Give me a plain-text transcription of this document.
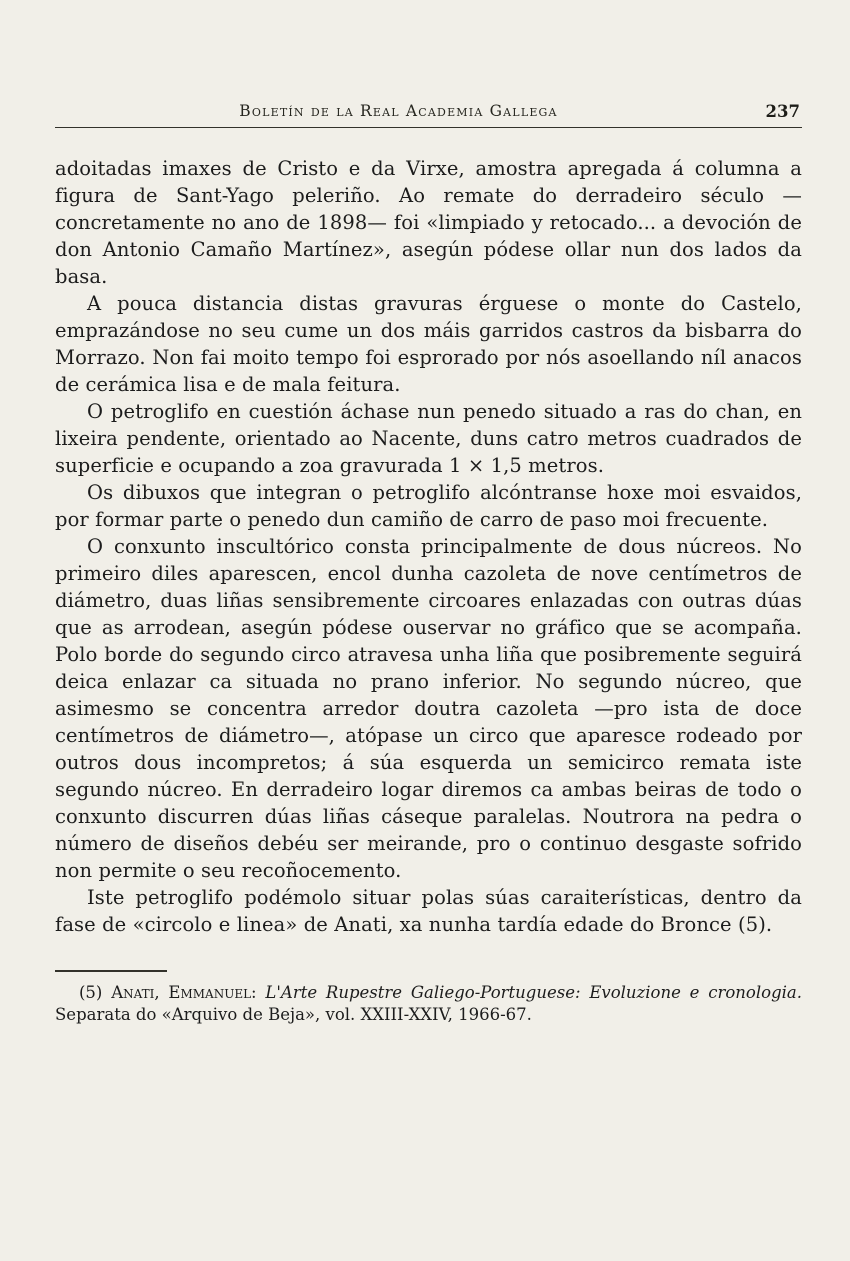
Boletín de la Real Academia Gallega	237

adoitadas imaxes de Cristo e da Virxe, amostra apregada á columna a figura de Sant-Yago peleriño. Ao remate do derradeiro século —concretamente no ano de 1898— foi «limpiado y retocado... a devoción de don Antonio Camaño Martínez», asegún pódese ollar nun dos lados da basa.

A pouca distancia distas gravuras érguese o monte do Castelo, emprazándose no seu cume un dos máis garridos castros da bisbarra do Morrazo. Non fai moito tempo foi esprorado por nós asoellando níl anacos de cerámica lisa e de mala feitura.

O petroglifo en cuestión áchase nun penedo situado a ras do chan, en lixeira pendente, orientado ao Nacente, duns catro metros cuadrados de superficie e ocupando a zoa gravurada 1 × 1,5 metros.

Os dibuxos que integran o petroglifo alcóntranse hoxe moi esvaidos, por formar parte o penedo dun camiño de carro de paso moi frecuente.

O conxunto inscultórico consta principalmente de dous núcreos. No primeiro diles aparescen, encol dunha cazoleta de nove centímetros de diámetro, duas liñas sensibremente circoares enlazadas con outras dúas que as arrodean, asegún pódese ouservar no gráfico que se acompaña. Polo borde do segundo circo atravesa unha liña que posibremente seguirá deica enlazar ca situada no prano inferior. No segundo núcreo, que asimesmo se concentra arredor doutra cazoleta —pro ista de doce centímetros de diámetro—, atópase un circo que aparesce rodeado por outros dous incompretos; á súa esquerda un semicirco remata iste segundo núcreo. En derradeiro logar diremos ca ambas beiras de todo o conxunto discurren dúas liñas cáseque paralelas. Noutrora na pedra o número de diseños debéu ser meirande, pro o continuo desgaste sofrido non permite o seu recoñocemento.

Iste petroglifo podémolo situar polas súas caraiterísticas, dentro da fase de «circolo e linea» de Anati, xa nunha tardía edade do Bronce (5).

(5) Anati, Emmanuel: L'Arte Rupestre Galiego-Portuguese: Evoluzione e cronologia. Separata do «Arquivo de Beja», vol. XXIII-XXIV, 1966-67.
